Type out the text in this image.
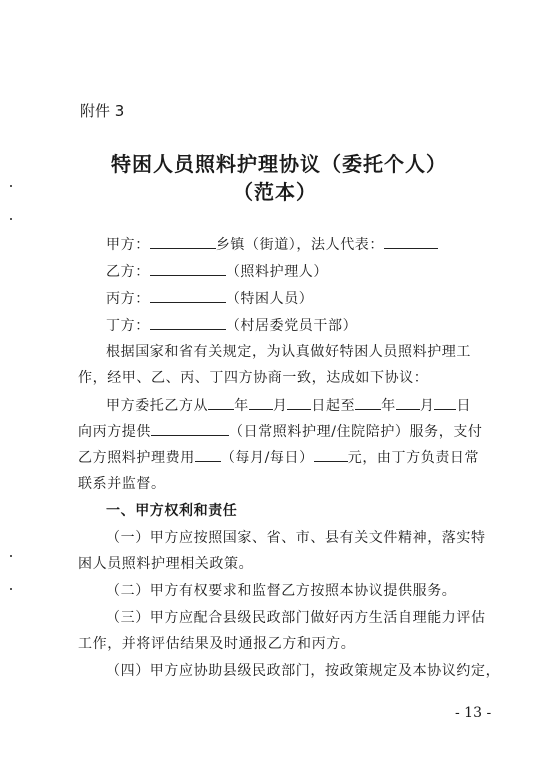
附件 3
特困人员照料护理协议（委托个人）
（范本）
甲方：	乡镇（街道），法人代表：
乙方：	（照料护理人）
丙方：	（特困人员）
丁方：	（村居委党员干部）
根据国家和省有关规定，为认真做好特困人员照料护理工
作，经甲、乙、丙、丁四方协商一致，达成如下协议：
甲方委托乙方从 年 月 日起至 年 月 日
向丙方提供	（日常照料护理/住院陪护）服务，支付
乙方照料护理费用 （每月/每日） 元，由丁方负责日常
联系并监督。
一、甲方权利和责任
（一）甲方应按照国家、省、市、县有关文件精神，落实特
困人员照料护理相关政策。
（二）甲方有权要求和监督乙方按照本协议提供服务。
（三）甲方应配合县级民政部门做好丙方生活自理能力评估
工作，并将评估结果及时通报乙方和丙方。
（四）甲方应协助县级民政部门，按政策规定及本协议约定，
- 13 -
